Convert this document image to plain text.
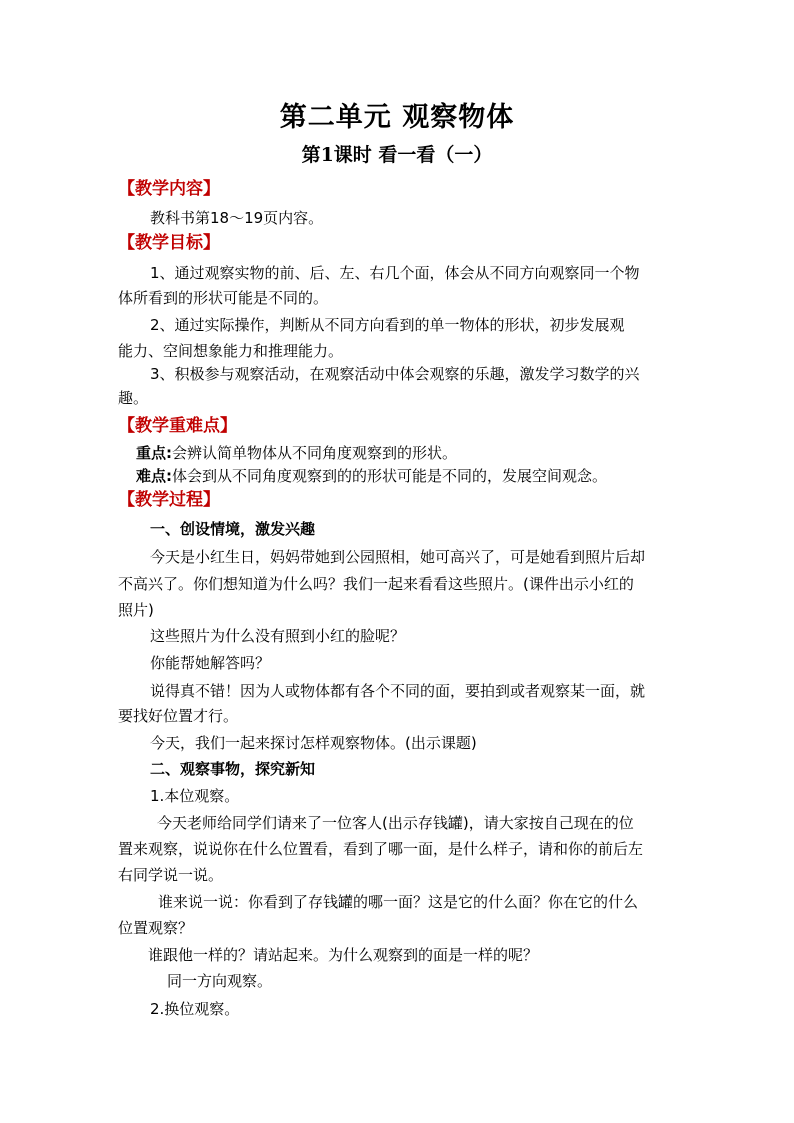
第二单元 观察物体
第1课时 看一看（一）
【教学内容】
教科书第18～19页内容。
【教学目标】
1、通过观察实物的前、后、左、右几个面，体会从不同方向观察同一个物
体所看到的形状可能是不同的。
2、通过实际操作，判断从不同方向看到的单一物体的形状，初步发展观
能力、空间想象能力和推理能力。
3、积极参与观察活动，在观察活动中体会观察的乐趣，激发学习数学的兴
趣。
【教学重难点】
重点:会辨认简单物体从不同角度观察到的形状。
难点:体会到从不同角度观察到的的形状可能是不同的，发展空间观念。
【教学过程】
一、创设情境，激发兴趣
今天是小红生日，妈妈带她到公园照相，她可高兴了，可是她看到照片后却
不高兴了。你们想知道为什么吗？我们一起来看看这些照片。(课件出示小红的
照片)
这些照片为什么没有照到小红的脸呢？
你能帮她解答吗？
说得真不错！因为人或物体都有各个不同的面，要拍到或者观察某一面，就
要找好位置才行。
今天，我们一起来探讨怎样观察物体。(出示课题)
二、观察事物，探究新知
1.本位观察。
今天老师给同学们请来了一位客人(出示存钱罐)，请大家按自己现在的位
置来观察，说说你在什么位置看，看到了哪一面，是什么样子，请和你的前后左
右同学说一说。
谁来说一说：你看到了存钱罐的哪一面？这是它的什么面？你在它的什么
位置观察？
谁跟他一样的？请站起来。为什么观察到的面是一样的呢？
同一方向观察。
2.换位观察。
